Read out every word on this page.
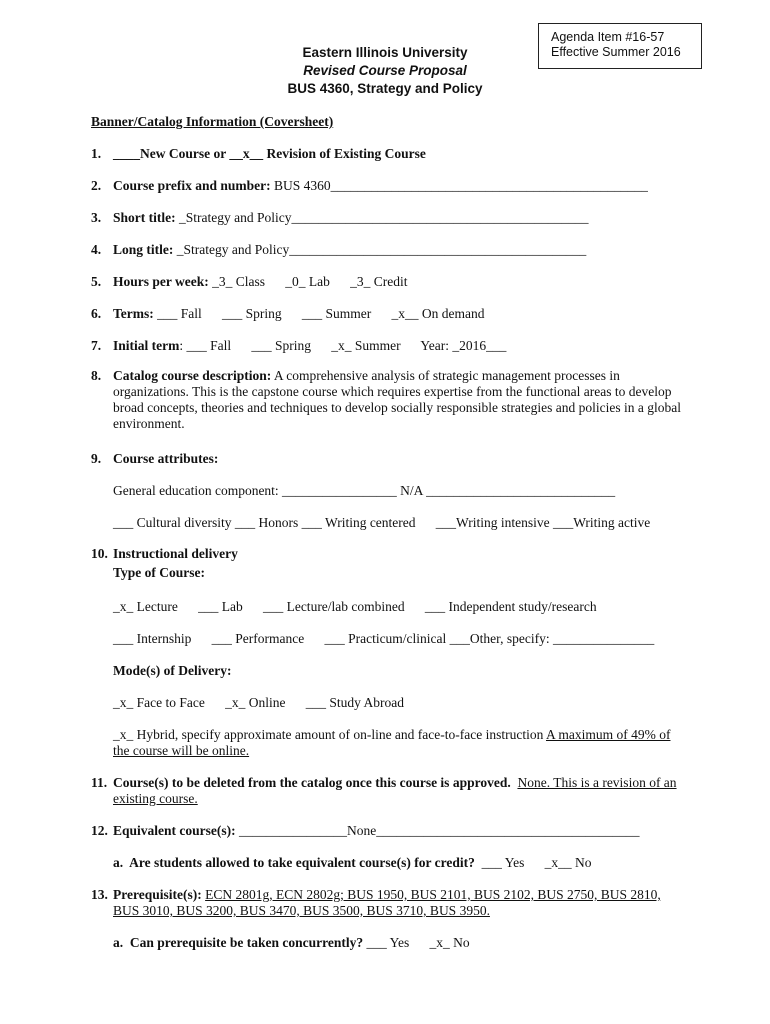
Agenda Item #16-57
Effective Summer 2016
Eastern Illinois University
Revised Course Proposal
BUS 4360, Strategy and Policy
Banner/Catalog Information (Coversheet)
1. ____New Course or __x__ Revision of Existing Course
2. Course prefix and number: BUS 4360_______________________________________________
3. Short title: _Strategy and Policy____________________________________________
4. Long title: _Strategy and Policy____________________________________________
5. Hours per week: _3_ Class      _0_ Lab      _3_ Credit
6. Terms: ___ Fall      ___ Spring      ___ Summer      _x__ On demand
7. Initial term: ___ Fall      ___ Spring      _x_ Summer      Year: _2016___
8. Catalog course description: A comprehensive analysis of strategic management processes in organizations. This is the capstone course which requires expertise from the functional areas to develop broad concepts, theories and techniques to develop socially responsible strategies and policies in a global environment.
9. Course attributes:
General education component: _________________ N/A ____________________________
___ Cultural diversity ___ Honors ___ Writing centered      ___Writing intensive ___Writing active
10. Instructional delivery
Type of Course:
_x_ Lecture      ___ Lab      ___ Lecture/lab combined      ___ Independent study/research
___ Internship      ___ Performance      ___ Practicum/clinical ___Other, specify: _______________
Mode(s) of Delivery:
_x_ Face to Face      _x_ Online      ___ Study Abroad
_x_ Hybrid, specify approximate amount of on-line and face-to-face instruction A maximum of 49% of the course will be online.
11. Course(s) to be deleted from the catalog once this course is approved. None. This is a revision of an existing course.
12. Equivalent course(s): ________________None_______________________________________
a.  Are students allowed to take equivalent course(s) for credit?  ___ Yes      _x__ No
13. Prerequisite(s): ECN 2801g, ECN 2802g; BUS 1950, BUS 2101, BUS 2102, BUS 2750, BUS 2810, BUS 3010, BUS 3200, BUS 3470, BUS 3500, BUS 3710, BUS 3950.
a.  Can prerequisite be taken concurrently? ___ Yes      _x_ No
